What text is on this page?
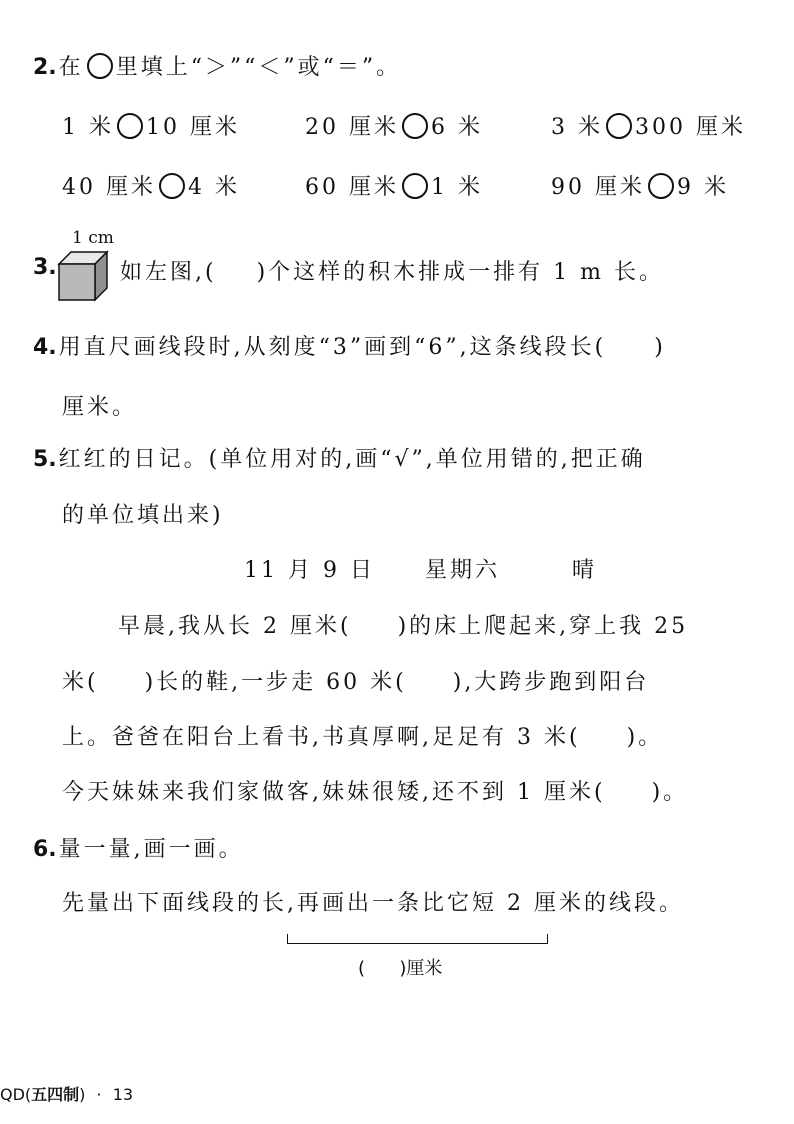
2.在 里填上“＞”“＜”或“＝”。
1 米 10 厘米	20 厘米 6 米	3 米 300 厘米
40 厘米 4 米	60 厘米 1 米	90 厘米 9 米
1 cm
3.	如左图,( )个这样的积木排成一排有 1 m 长。
4.用直尺画线段时,从刻度“3”画到“6”,这条线段长( )
厘米。
5.红红的日记。(单位用对的,画“√”,单位用错的,把正确
的单位填出来)
11 月 9 日 星期六	晴
早晨,我从长 2 厘米( )的床上爬起来,穿上我 25
米( )长的鞋,一步走 60 米( ),大跨步跑到阳台
上。爸爸在阳台上看书,书真厚啊,足足有 3 米( )。
今天妹妹来我们家做客,妹妹很矮,还不到 1 厘米( )。
6.量一量,画一画。
先量出下面线段的长,再画出一条比它短 2 厘米的线段。
(      )厘米
QD(五四制) · 13
